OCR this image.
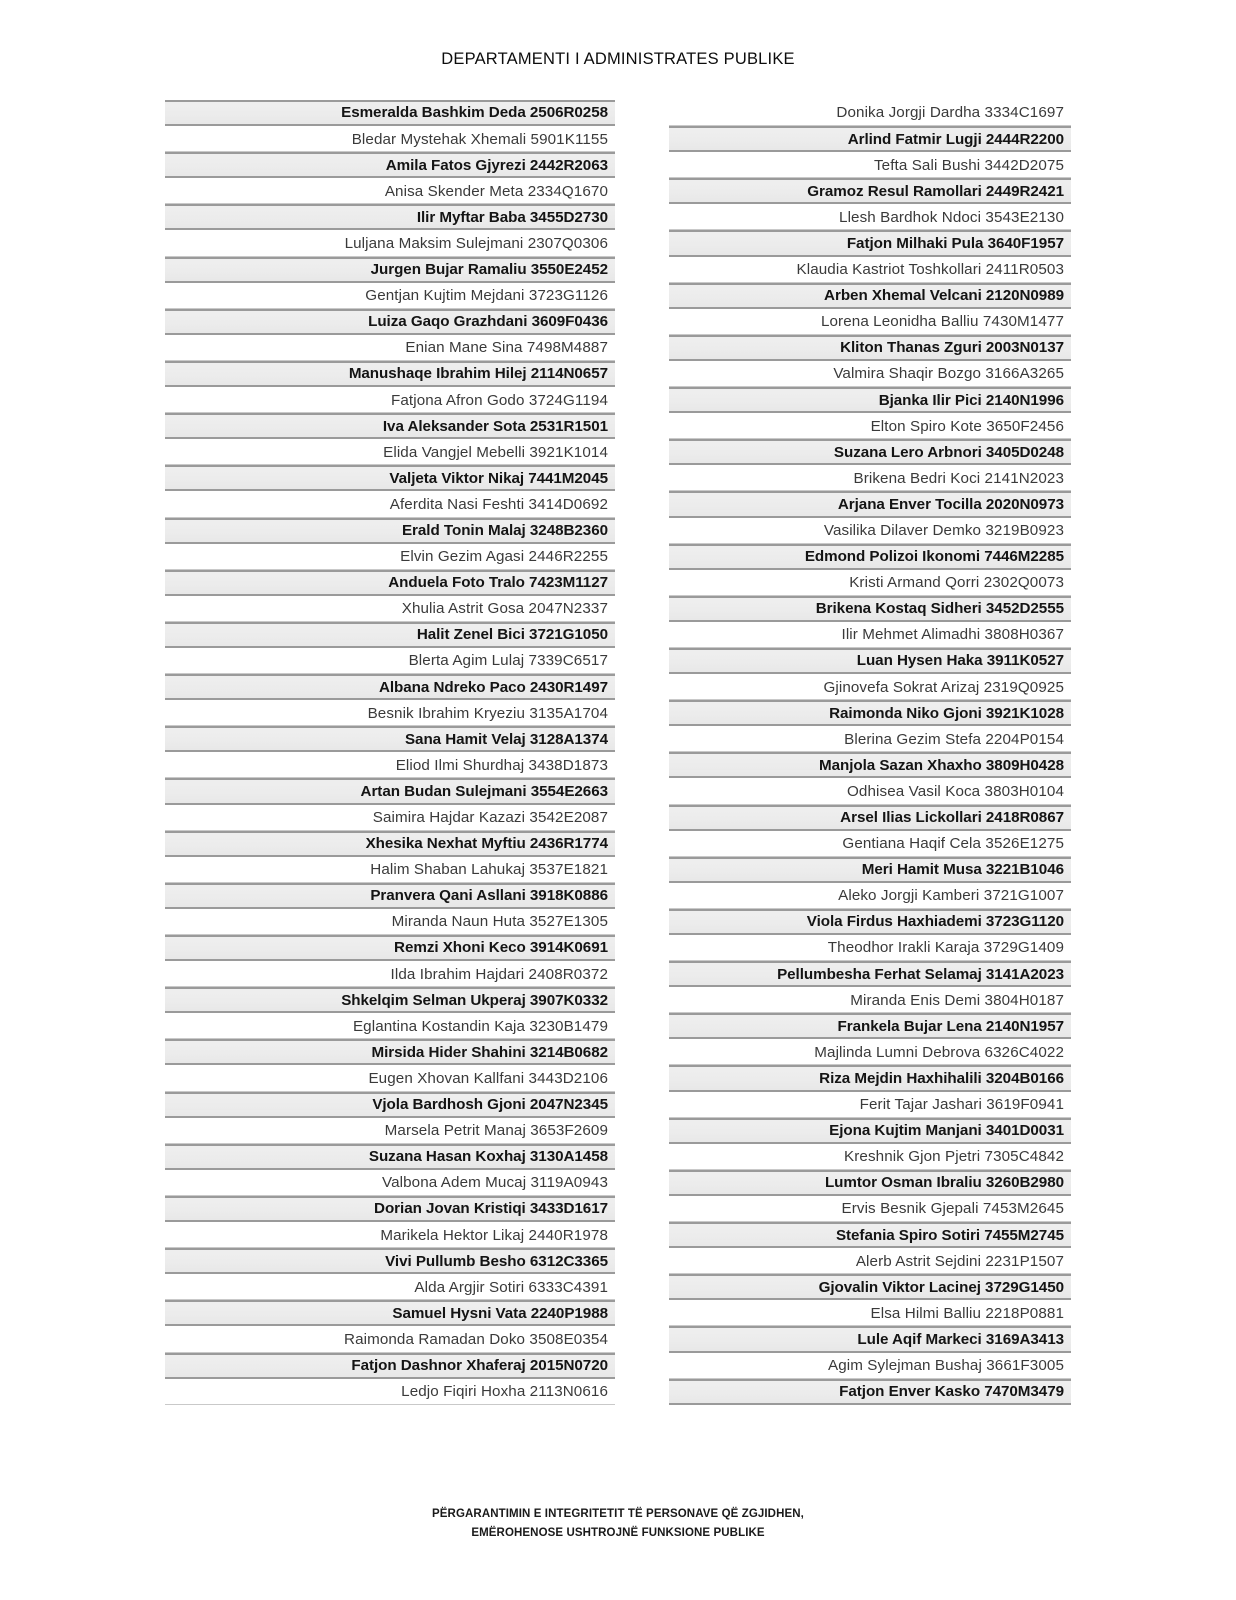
DEPARTAMENTI I ADMINISTRATES PUBLIKE
Esmeralda Bashkim Deda 2506R0258
Bledar Mystehak Xhemali 5901K1155
Amila Fatos Gjyrezi 2442R2063
Anisa Skender Meta 2334Q1670
Ilir Myftar Baba 3455D2730
Luljana Maksim Sulejmani 2307Q0306
Jurgen Bujar Ramaliu 3550E2452
Gentjan Kujtim Mejdani 3723G1126
Luiza Gaqo Grazhdani 3609F0436
Enian Mane Sina 7498M4887
Manushaqe Ibrahim Hilej 2114N0657
Fatjona Afron Godo 3724G1194
Iva Aleksander Sota 2531R1501
Elida Vangjel Mebelli 3921K1014
Valjeta Viktor Nikaj 7441M2045
Aferdita Nasi Feshti 3414D0692
Erald Tonin Malaj 3248B2360
Elvin Gezim Agasi 2446R2255
Anduela Foto Tralo 7423M1127
Xhulia Astrit Gosa 2047N2337
Halit Zenel Bici 3721G1050
Blerta Agim Lulaj 7339C6517
Albana Ndreko Paco 2430R1497
Besnik Ibrahim Kryeziu 3135A1704
Sana Hamit Velaj 3128A1374
Eliod Ilmi Shurdhaj 3438D1873
Artan Budan Sulejmani 3554E2663
Saimira Hajdar Kazazi 3542E2087
Xhesika Nexhat Myftiu 2436R1774
Halim Shaban Lahukaj 3537E1821
Pranvera Qani Asllani 3918K0886
Miranda Naun Huta 3527E1305
Remzi Xhoni Keco 3914K0691
Ilda Ibrahim Hajdari 2408R0372
Shkelqim Selman Ukperaj 3907K0332
Eglantina Kostandin Kaja 3230B1479
Mirsida Hider Shahini 3214B0682
Eugen Xhovan Kallfani 3443D2106
Vjola Bardhosh Gjoni 2047N2345
Marsela Petrit Manaj 3653F2609
Suzana Hasan Koxhaj 3130A1458
Valbona Adem Mucaj 3119A0943
Dorian Jovan Kristiqi 3433D1617
Marikela Hektor Likaj 2440R1978
Vivi Pullumb Besho 6312C3365
Alda Argjir Sotiri 6333C4391
Samuel Hysni Vata 2240P1988
Raimonda Ramadan Doko 3508E0354
Fatjon Dashnor Xhaferaj 2015N0720
Ledjo Fiqiri Hoxha 2113N0616
Donika Jorgji Dardha 3334C1697
Arlind Fatmir Lugji 2444R2200
Tefta Sali Bushi 3442D2075
Gramoz Resul Ramollari 2449R2421
Llesh Bardhok Ndoci 3543E2130
Fatjon Milhaki Pula 3640F1957
Klaudia Kastriot Toshkollari 2411R0503
Arben Xhemal Velcani 2120N0989
Lorena Leonidha Balliu 7430M1477
Kliton Thanas Zguri 2003N0137
Valmira Shaqir Bozgo 3166A3265
Bjanka Ilir Pici 2140N1996
Elton Spiro Kote 3650F2456
Suzana Lero Arbnori 3405D0248
Brikena Bedri Koci 2141N2023
Arjana Enver Tocilla 2020N0973
Vasilika Dilaver Demko 3219B0923
Edmond Polizoi Ikonomi 7446M2285
Kristi Armand Qorri 2302Q0073
Brikena Kostaq Sidheri 3452D2555
Ilir Mehmet Alimadhi 3808H0367
Luan Hysen Haka 3911K0527
Gjinovefa Sokrat Arizaj 2319Q0925
Raimonda Niko Gjoni 3921K1028
Blerina Gezim Stefa 2204P0154
Manjola Sazan Xhaxho 3809H0428
Odhisea Vasil Koca 3803H0104
Arsel Ilias Lickollari 2418R0867
Gentiana Haqif Cela 3526E1275
Meri Hamit Musa 3221B1046
Aleko Jorgji Kamberi 3721G1007
Viola Firdus Haxhiademi 3723G1120
Theodhor Irakli Karaja 3729G1409
Pellumbesha Ferhat Selamaj 3141A2023
Miranda Enis Demi 3804H0187
Frankela Bujar Lena 2140N1957
Majlinda Lumni Debrova 6326C4022
Riza Mejdin Haxhihalili 3204B0166
Ferit Tajar Jashari 3619F0941
Ejona Kujtim Manjani 3401D0031
Kreshnik Gjon Pjetri 7305C4842
Lumtor Osman Ibraliu 3260B2980
Ervis Besnik Gjepali 7453M2645
Stefania Spiro Sotiri 7455M2745
Alerb Astrit Sejdini 2231P1507
Gjovalin Viktor Lacinej 3729G1450
Elsa Hilmi Balliu 2218P0881
Lule Aqif Markeci 3169A3413
Agim Sylejman Bushaj 3661F3005
Fatjon Enver Kasko 7470M3479
PËRGARANTIMIN E INTEGRITETIT TË PERSONAVE QË ZGJIDHEN,
EMËROHENOSE USHTROJNË FUNKSIONE PUBLIKE
